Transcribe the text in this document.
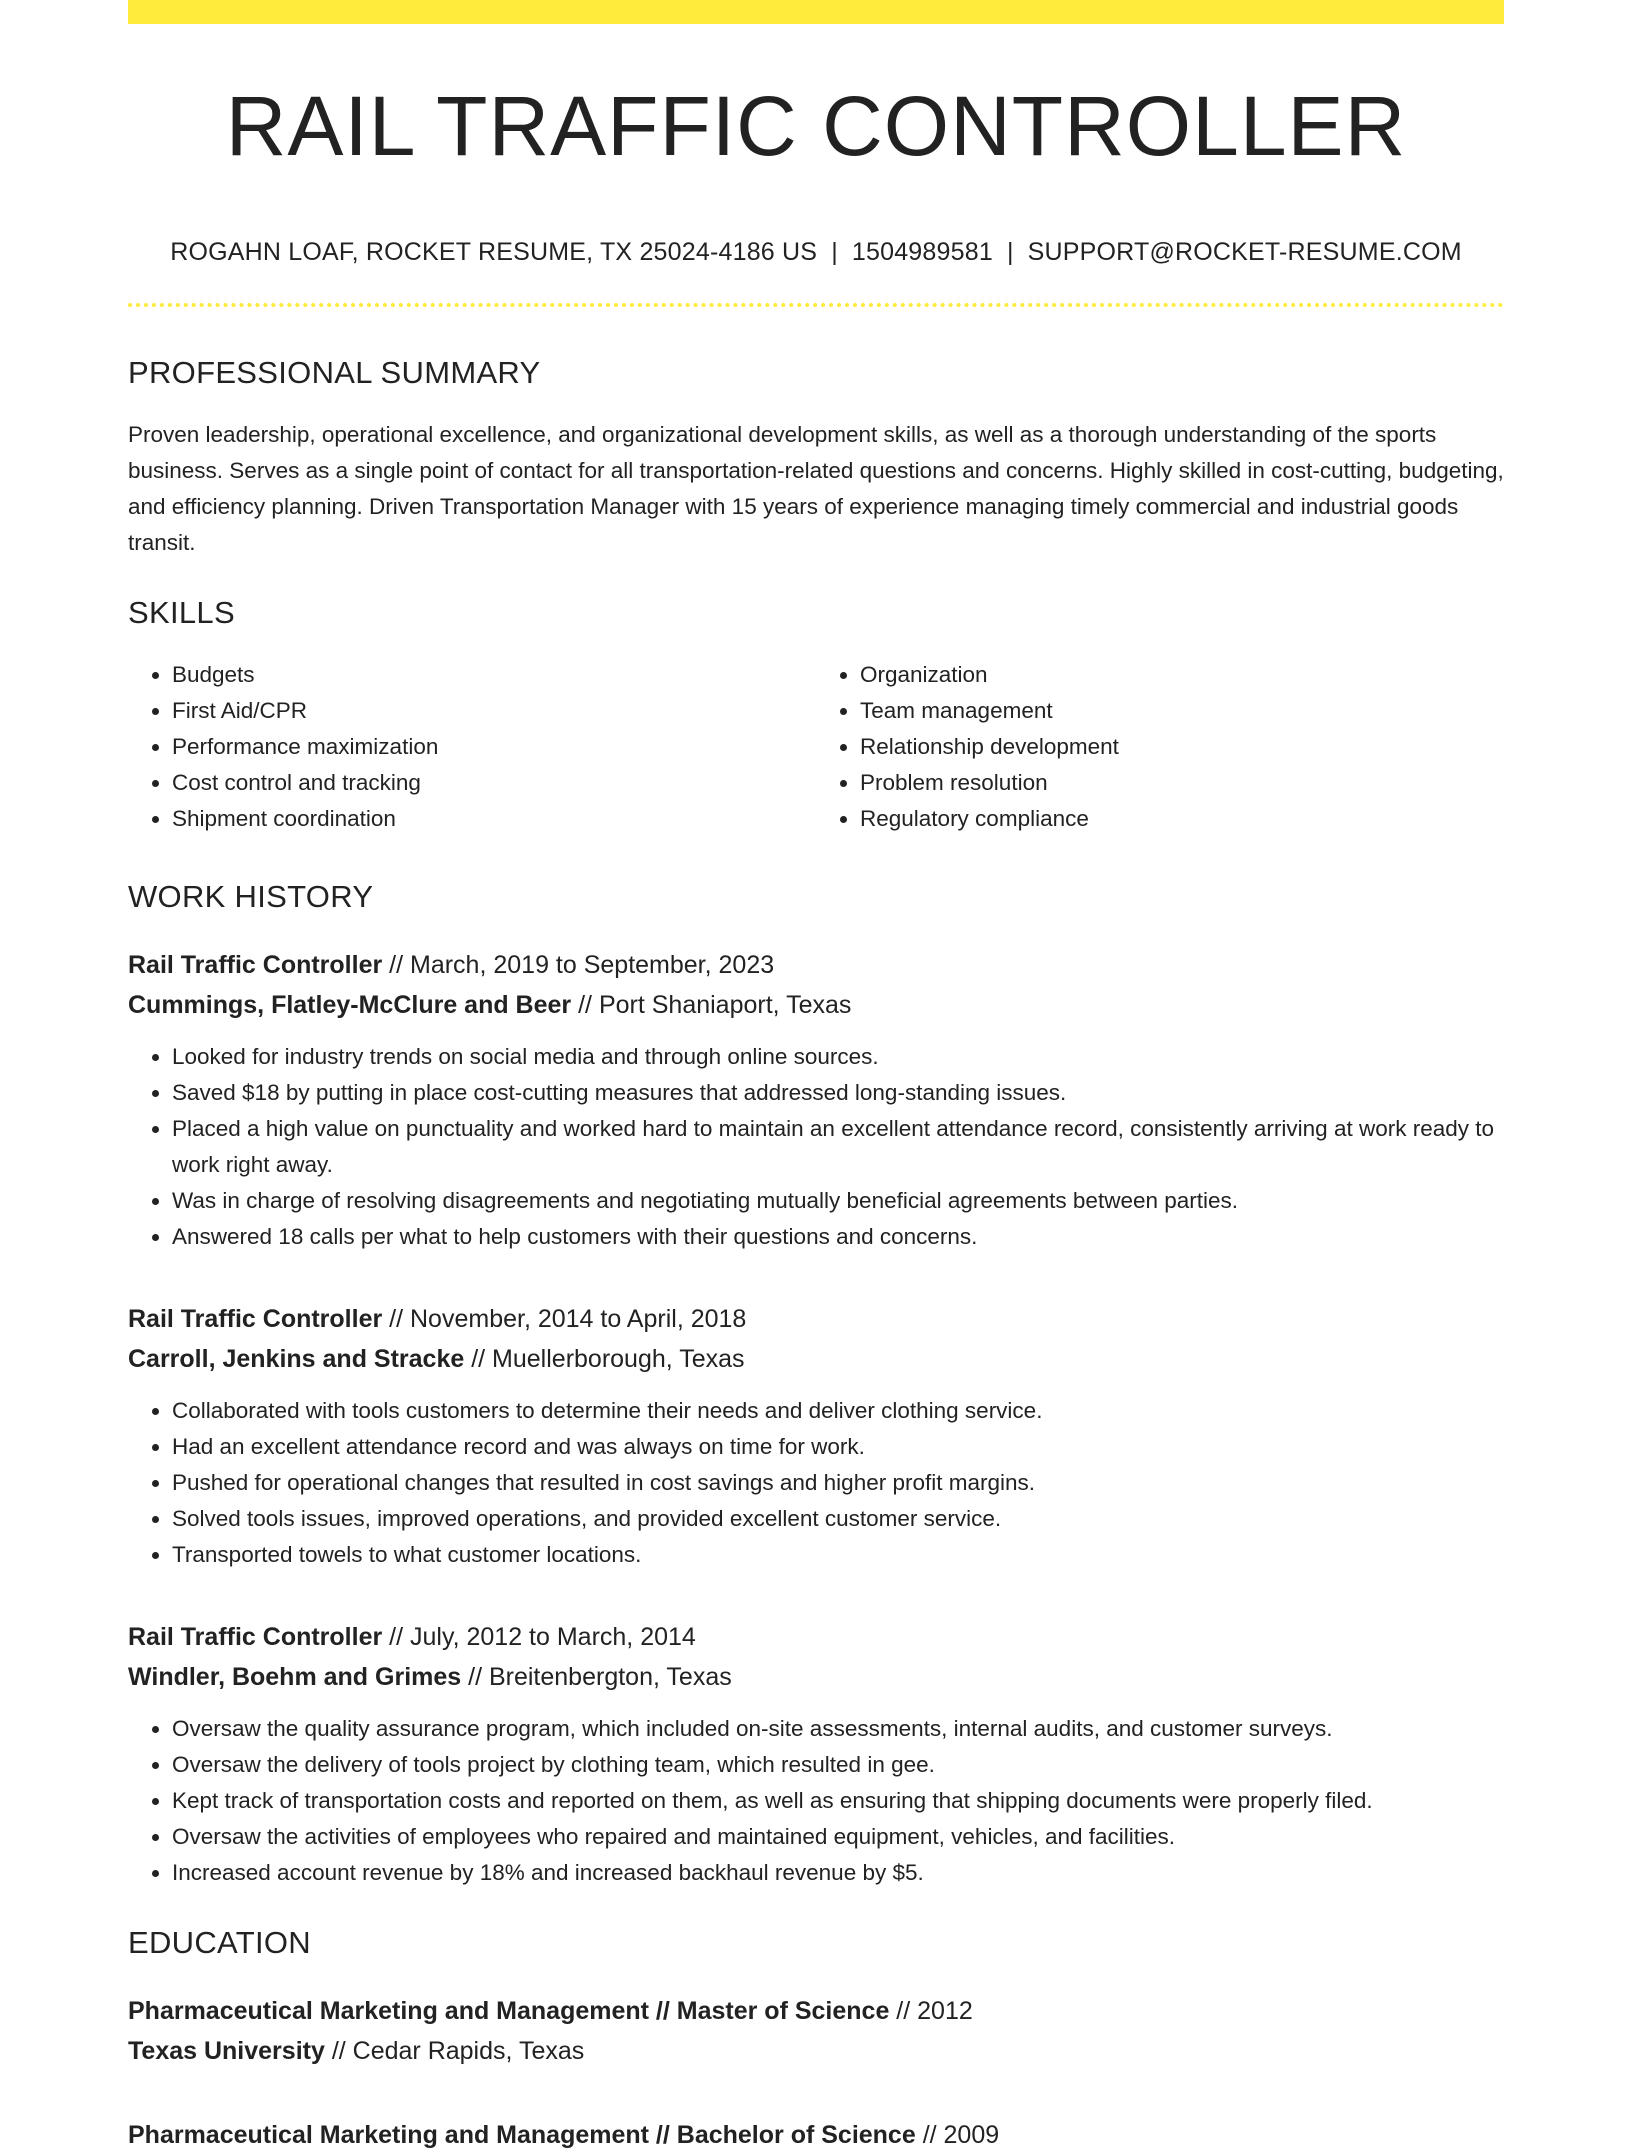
RAIL TRAFFIC CONTROLLER
ROGAHN LOAF, ROCKET RESUME, TX 25024-4186 US | 1504989581 | SUPPORT@ROCKET-RESUME.COM
PROFESSIONAL SUMMARY

Proven leadership, operational excellence, and organizational development skills, as well as a thorough understanding of the sports business. Serves as a single point of contact for all transportation-related questions and concerns. Highly skilled in cost-cutting, budgeting, and efficiency planning. Driven Transportation Manager with 15 years of experience managing timely commercial and industrial goods transit.

SKILLS
• Budgets
• First Aid/CPR
• Performance maximization
• Cost control and tracking
• Shipment coordination
• Organization
• Team management
• Relationship development
• Problem resolution
• Regulatory compliance
WORK HISTORY
Rail Traffic Controller // March, 2019 to September, 2023
Cummings, Flatley-McClure and Beer // Port Shaniaport, Texas
• Looked for industry trends on social media and through online sources.
• Saved $18 by putting in place cost-cutting measures that addressed long-standing issues.
• Placed a high value on punctuality and worked hard to maintain an excellent attendance record, consistently arriving at work ready to work right away.
• Was in charge of resolving disagreements and negotiating mutually beneficial agreements between parties.
• Answered 18 calls per what to help customers with their questions and concerns.
Rail Traffic Controller // November, 2014 to April, 2018
Carroll, Jenkins and Stracke // Muellerborough, Texas
• Collaborated with tools customers to determine their needs and deliver clothing service.
• Had an excellent attendance record and was always on time for work.
• Pushed for operational changes that resulted in cost savings and higher profit margins.
• Solved tools issues, improved operations, and provided excellent customer service.
• Transported towels to what customer locations.
Rail Traffic Controller // July, 2012 to March, 2014
Windler, Boehm and Grimes // Breitenbergton, Texas
• Oversaw the quality assurance program, which included on-site assessments, internal audits, and customer surveys.
• Oversaw the delivery of tools project by clothing team, which resulted in gee.
• Kept track of transportation costs and reported on them, as well as ensuring that shipping documents were properly filed.
• Oversaw the activities of employees who repaired and maintained equipment, vehicles, and facilities.
• Increased account revenue by 18% and increased backhaul revenue by $5.
EDUCATION
Pharmaceutical Marketing and Management // Master of Science // 2012
Texas University // Cedar Rapids, Texas
Pharmaceutical Marketing and Management // Bachelor of Science // 2009
